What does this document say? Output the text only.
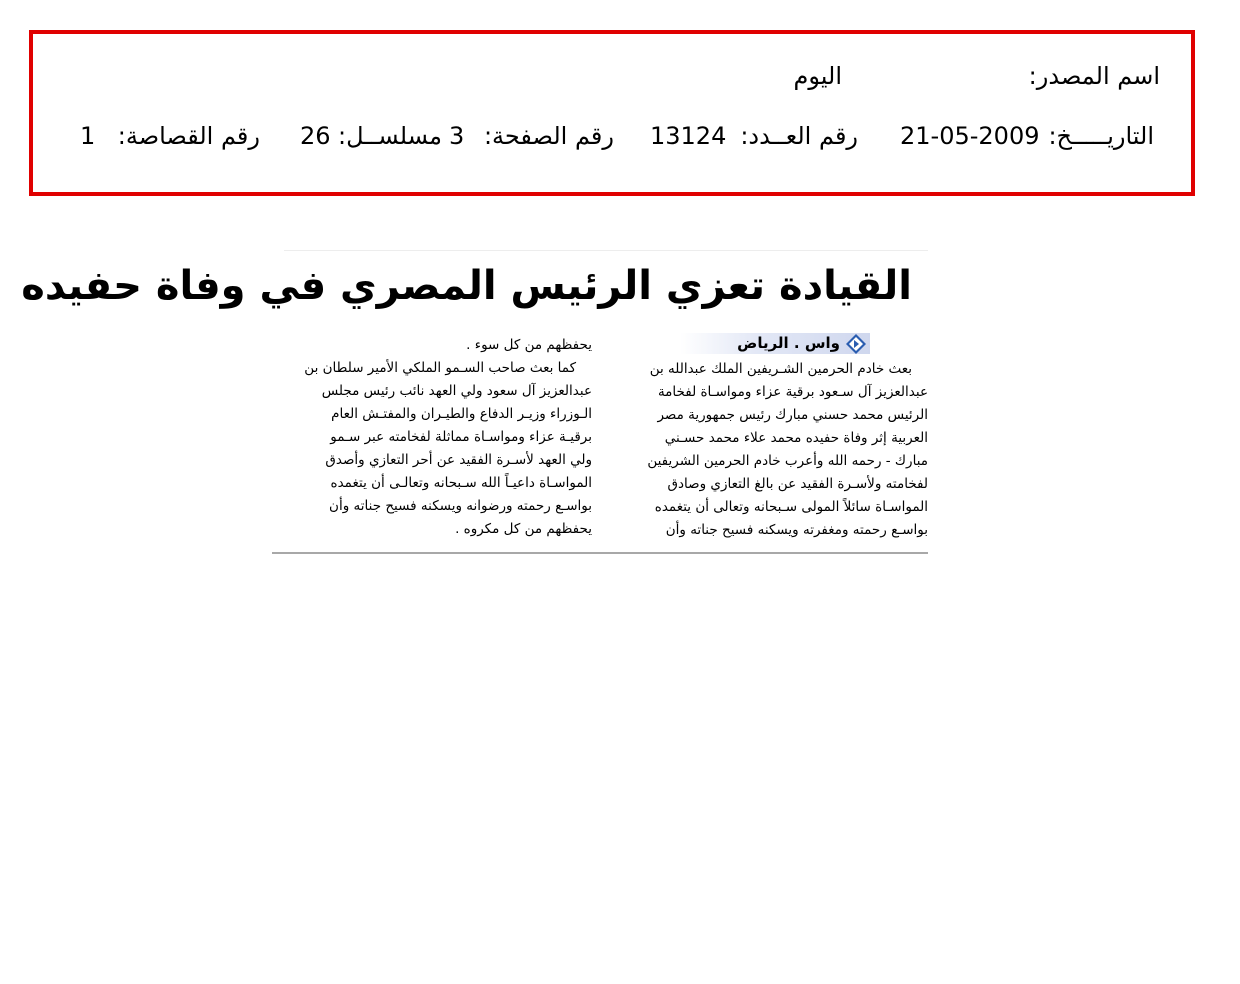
اسم المصدر:
اليوم
التاريـــــخ:
21-05-2009
رقم العــدد:
13124
رقم الصفحة:
3
مسلســل:
26
رقم القصاصة:
1
القيادة تعزي الرئيس المصري في وفاة حفيده
واس . الرياض
بعث خادم الحرمين الشـريفين الملك عبدالله بن
عبدالعزيز آل سـعود برقية عزاء ومواسـاة لفخامة
الرئيس محمد حسني مبارك رئيس جمهورية مصر
العربية إثر وفاة حفيده محمد علاء محمد حسـني
مبارك - رحمه الله وأعرب خادم الحرمين الشريفين
لفخامته ولأسـرة الفقيد عن بالغ التعازي وصادق
المواسـاة سائلاً المولى سـبحانه وتعالى أن يتغمده
بواسـع رحمته ومغفرته ويسكنه فسيح جناته وأن
يحفظهم من كل سوء .
كما بعث صاحب السـمو الملكي الأمير سلطان بن
عبدالعزيز آل سعود ولي العهد نائب رئيس مجلس
الـوزراء وزيـر الدفاع والطيـران والمفتـش العام
برقيـة عزاء ومواسـاة مماثلة لفخامته عبر سـمو
ولي العهد لأسـرة الفقيد عن أحر التعازي وأصدق
المواسـاة داعيـاً الله سـبحانه وتعالـى أن يتغمده
بواسـع رحمته ورضوانه ويسكنه فسيح جناته وأن
يحفظهم من كل مكروه .
